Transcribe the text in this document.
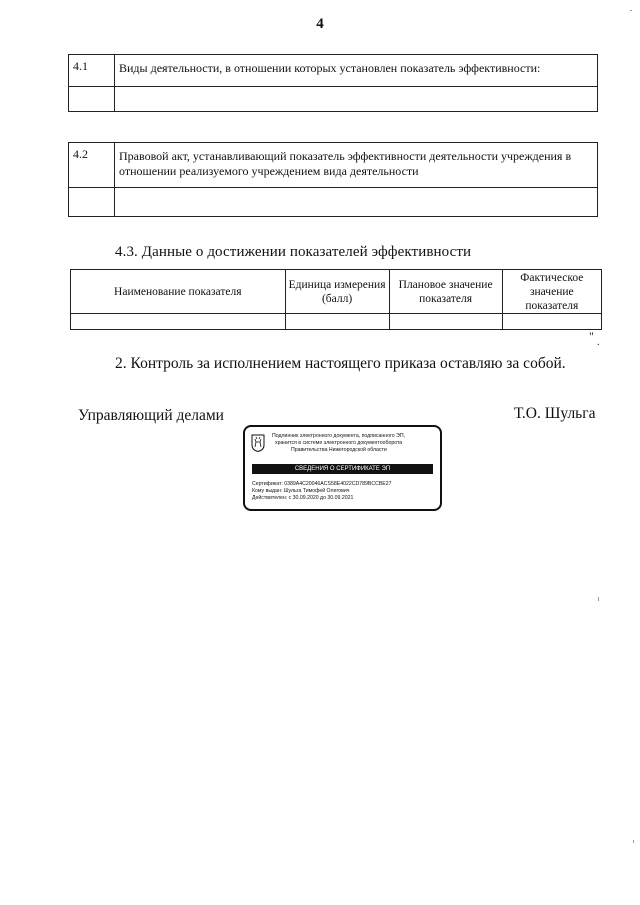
4
4.1	Виды деятельности, в отношении которых установлен показатель эффективности:

4.2	Правовой акт, устанавливающий показатель эффективности деятельности учреждения в отношении реализуемого учреждением вида деятельности

4.3. Данные о достижении показателей эффективности
Наименование показателя	Единица измерения (балл)	Плановое значение показателя	Фактическое значение показателя

" .
2. Контроль за исполнением настоящего приказа оставляю за собой.
Управляющий делами	Т.О. Шульга
Подлинник электронного документа, подписанного ЭП,
хранится в системе электронного документооборота
Правительства Нижегородской области
СВЕДЕНИЯ О СЕРТИФИКАТЕ ЭП
Сертификат: 0389A4C20046ACS58E4022CD789BCCBE27
Кому выдан: Шульга Тимофей Олегович
Действителен: с 30.09.2020 до 30.09.2021
